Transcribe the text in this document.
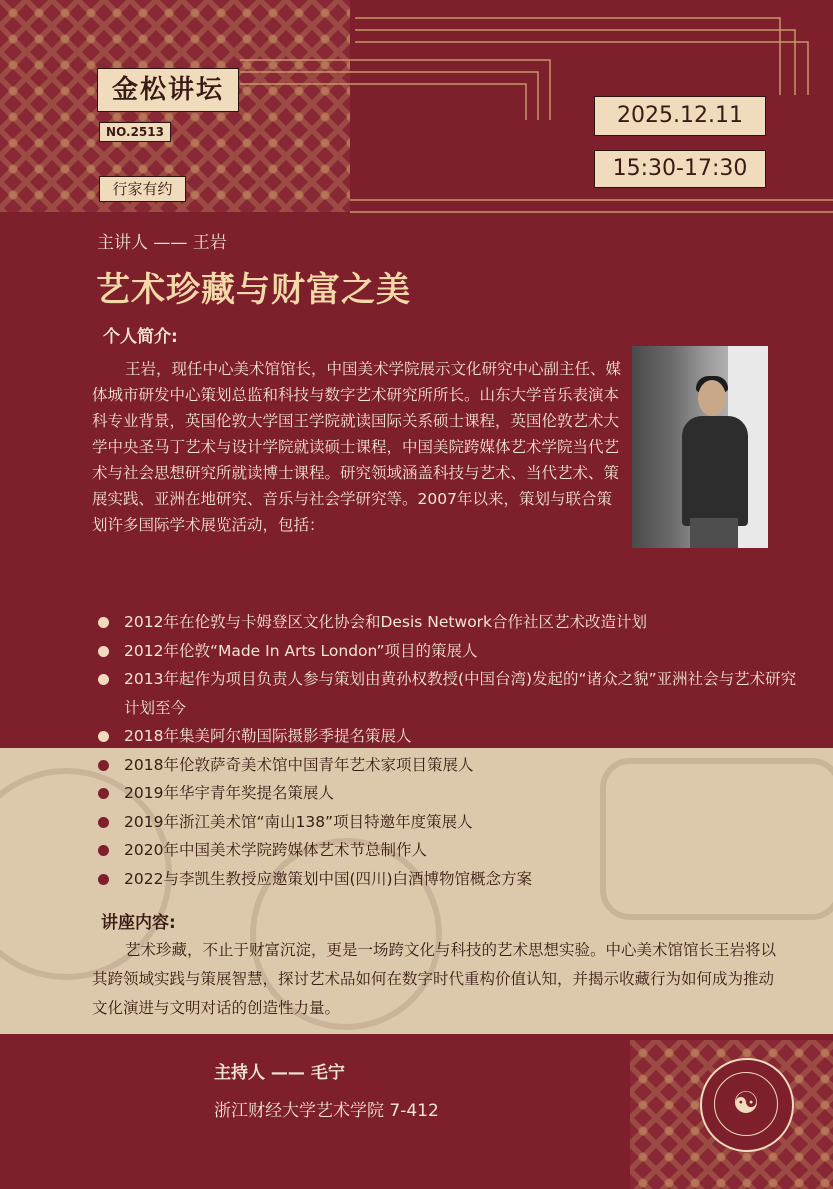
金松讲坛
NO.2513
行家有约
2025.12.11
15:30-17:30
主讲人 —— 王岩
艺术珍藏与财富之美
个人简介:
王岩，现任中心美术馆馆长，中国美术学院展示文化研究中心副主任、媒体城市研发中心策划总监和科技与数字艺术研究所所长。山东大学音乐表演本科专业背景，英国伦敦大学国王学院就读国际关系硕士课程，英国伦敦艺术大学中央圣马丁艺术与设计学院就读硕士课程，中国美院跨媒体艺术学院当代艺术与社会思想研究所就读博士课程。研究领域涵盖科技与艺术、当代艺术、策展实践、亚洲在地研究、音乐与社会学研究等。2007年以来，策划与联合策划许多国际学术展览活动，包括：
2012年在伦敦与卡姆登区文化协会和Desis Network合作社区艺术改造计划
2012年伦敦“Made In Arts London”项目的策展人
2013年起作为项目负责人参与策划由黄孙权教授(中国台湾)发起的“诸众之貌”亚洲社会与艺术研究计划至今
2018年集美阿尔勒国际摄影季提名策展人
2018年伦敦萨奇美术馆中国青年艺术家项目策展人
2019年华宇青年奖提名策展人
2019年浙江美术馆“南山138”项目特邀年度策展人
2020年中国美术学院跨媒体艺术节总制作人
2022与李凯生教授应邀策划中国(四川)白酒博物馆概念方案
讲座内容:
艺术珍藏，不止于财富沉淀，更是一场跨文化与科技的艺术思想实验。中心美术馆馆长王岩将以其跨领域实践与策展智慧，探讨艺术品如何在数字时代重构价值认知，并揭示收藏行为如何成为推动文化演进与文明对话的创造性力量。
主持人 —— 毛宁
浙江财经大学艺术学院 7-412	☯
